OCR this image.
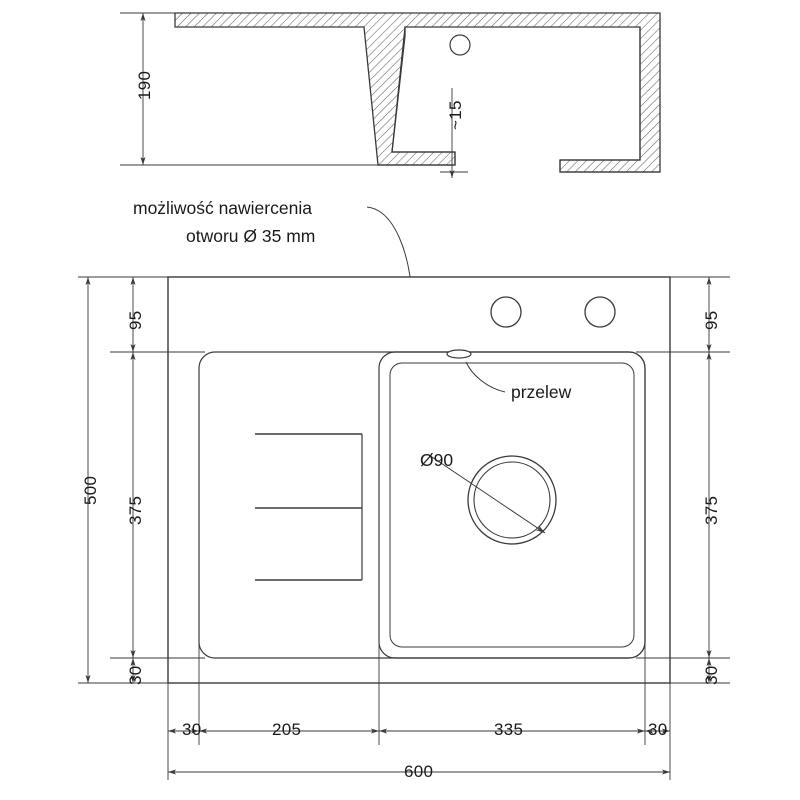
190
~15
możliwość nawiercenia
otworu Ø 35 mm
przelew
Ø90
95
375
30
500
95
375
30
30	205	335	30
600
